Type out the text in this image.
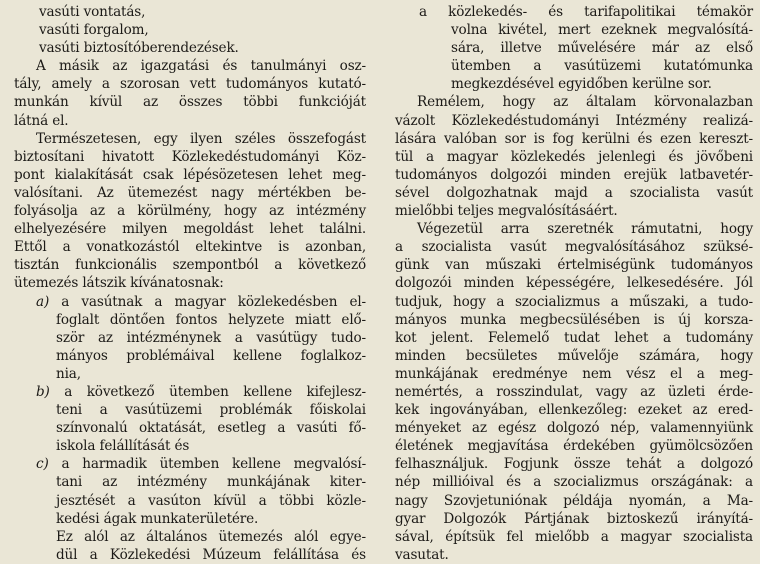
vasúti vontatás,
vasúti forgalom,
vasúti biztosítóberendezések.
A másik az igazgatási és tanulmányi osz-
tály, amely a szorosan vett tudományos kutató-
munkán kívül az összes többi funkcióját
látná el.
Természetesen, egy ilyen széles összefogást
biztosítani hivatott Közlekedéstudományi Köz-
pont kialakítását csak lépésözetesen lehet meg-
valósítani. Az ütemezést nagy mértékben be-
folyásolja az a körülmény, hogy az intézmény
elhelyezésére milyen megoldást lehet találni.
Ettől a vonatkozástól eltekintve is azonban,
tisztán funkcionális szempontból a következő
ütemezés látszik kívánatosnak:
a) a vasútnak a magyar közlekedésben el-
foglalt döntően fontos helyzete miatt elő-
ször az intézménynek a vasútügy tudo-
mányos problémáival kellene foglalkoz-
nia,
b) a következő ütemben kellene kifejlesz-
teni a vasútüzemi problémák főiskolai
színvonalú oktatását, esetleg a vasúti fő-
iskola felállítását és
c) a harmadik ütemben kellene megvalósí-
tani az intézmény munkájának kiter-
jesztését a vasúton kívül a többi közle-
kedési ágak munkaterületére.
Ez alól az általános ütemezés alól egye-
dül a Közlekedési Múzeum felállítása és
a közlekedés- és tarifapolitikai témakör
volna kivétel, mert ezeknek megvalósítá-
sára, illetve művelésére már az első
ütemben a vasútüzemi kutatómunka
megkezdésével egyidőben kerülne sor.
Remélem, hogy az általam körvonalazban
vázolt Közlekedéstudományi Intézmény realizá-
lására valóban sor is fog kerülni és ezen kereszt-
tül a magyar közlekedés jelenlegi és jövőbeni
tudományos dolgozói minden erejük latbavetér-
sével dolgozhatnak majd a szocialista vasút
mielőbbi teljes megvalósításáért.
Végezetül arra szeretnék rámutatni, hogy
a szocialista vasút megvalósításához szüksé-
günk van műszaki értelmiségünk tudományos
dolgozói minden képességére, lelkesedésére. Jól
tudjuk, hogy a szocializmus a műszaki, a tudo-
mányos munka megbecsülésében is új korsza-
kot jelent. Felemelő tudat lehet a tudomány
minden becsületes művelője számára, hogy
munkájának eredménye nem vész el a meg-
nemértés, a rosszindulat, vagy az üzleti érde-
kek ingoványában, ellenkezőleg: ezeket az ered-
ményeket az egész dolgozó nép, valamennyiünk
életének megjavítása érdekében gyümölcsözően
felhasználjuk. Fogjunk össze tehát a dolgozó
nép millióival és a szocializmus országának: a
nagy Szovjetuniónak példája nyomán, a Ma-
gyar Dolgozók Pártjának biztoskezű irányítá-
sával, építsük fel mielőbb a magyar szocialista
vasutat.
